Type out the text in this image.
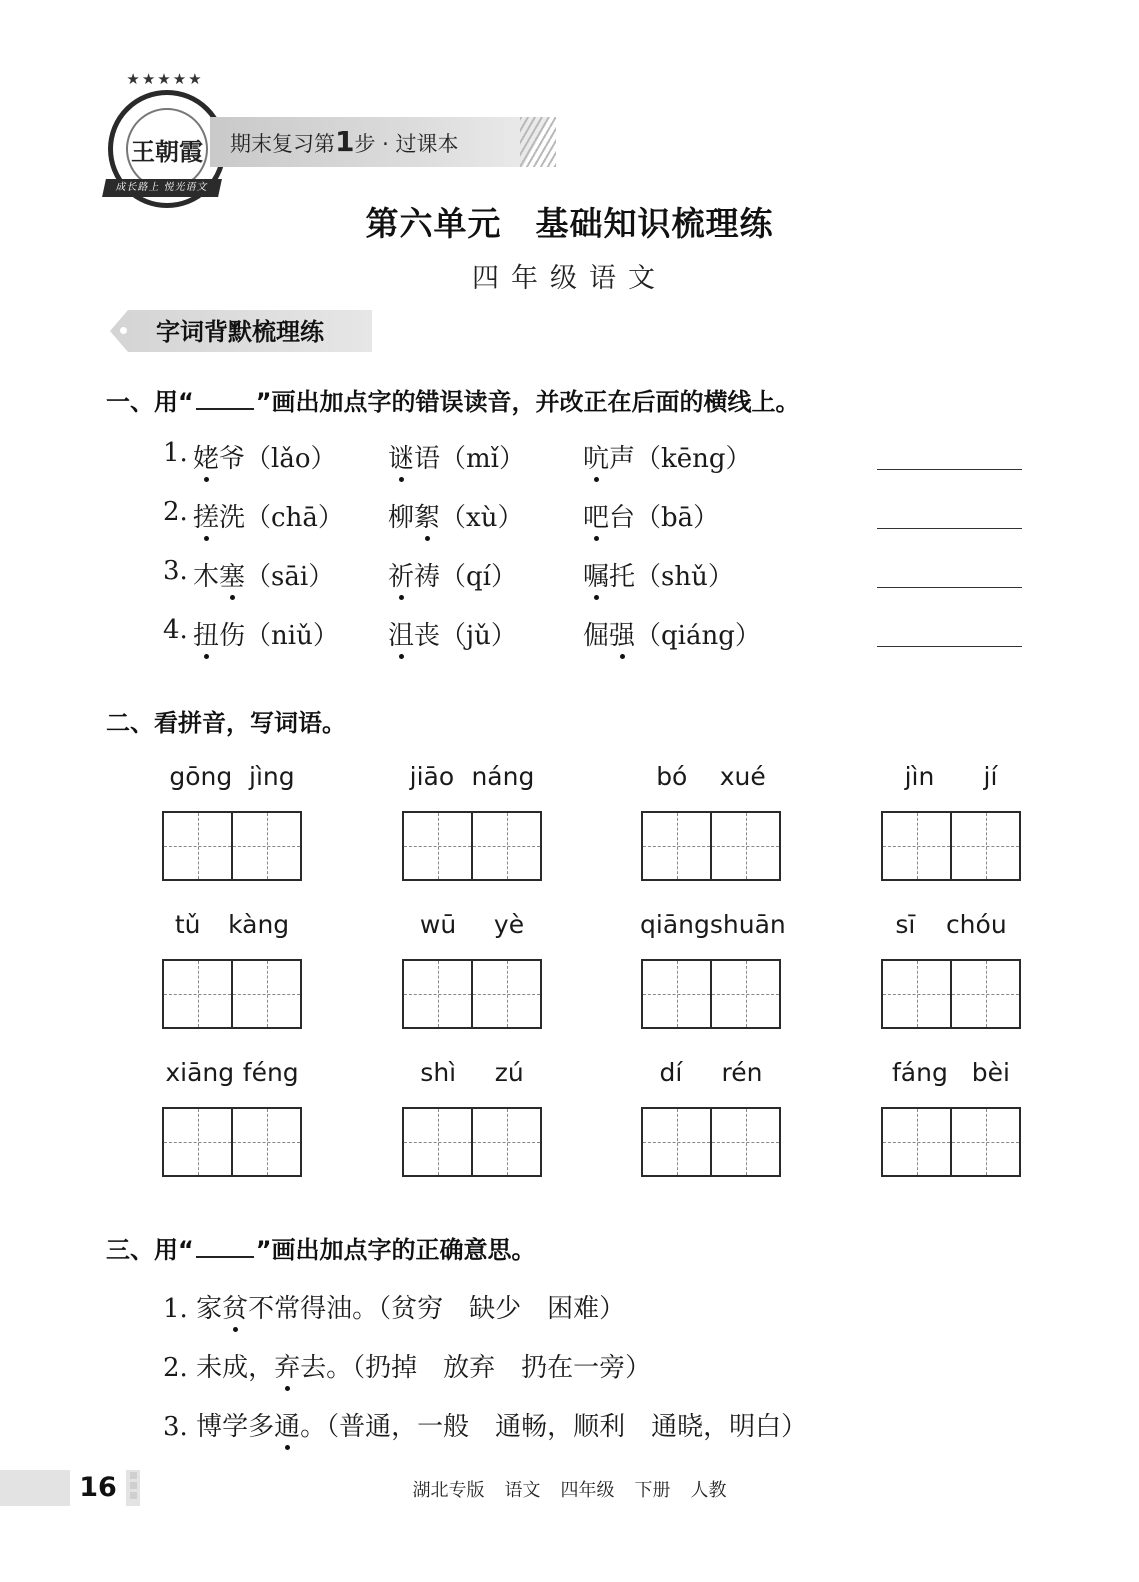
★★★★★
王朝霞
成长路上 悦光语文
期末复习第1步 · 过课本
第六单元 基础知识梳理练
四年级语文
字词背默梳理练
一、用“	”画出加点字的错误读音，并改正在后面的横线上。
1. 姥爷（lǎo） 谜语（mǐ） 吭声（kēng）
2. 搓洗（chā） 柳絮（xù） 吧台（bā）
3. 木塞（sāi） 祈祷（qí）	嘱托（shǔ）
4. 扭伤（niǔ） 沮丧（jǔ）	倔强（qiáng）
二、看拼音，写词语。
gōng jìng	jiāo náng	bó xué	jìn jí
tǔ kàng	wū yè	qiāng shuān	sī chóu
xiāng féng	shì zú	dí rén	fáng bèi
三、用“	”画出加点字的正确意思。
1. 家贫不常得油。（贫穷　缺少　困难）
2. 未成，弃去。（扔掉　放弃　扔在一旁）
3. 博学多通。（普通，一般　通畅，顺利　通晓，明白）
16	湖北专版 语文 四年级 下册 人教
